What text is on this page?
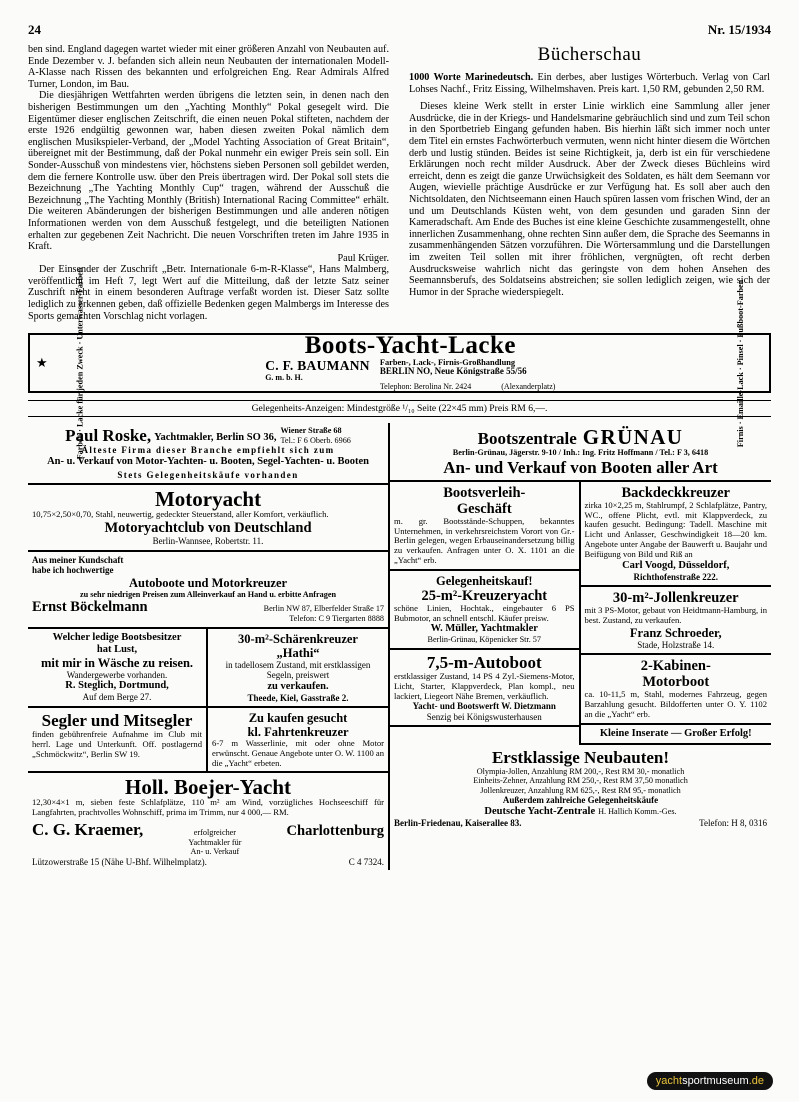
24	Nr. 15/1934

ben sind. England dagegen wartet wieder mit einer größeren Anzahl von Neubauten auf. Ende Dezember v. J. befanden sich allein neun Neubauten der internationalen Modell-A-Klasse nach Rissen des bekannten und erfolgreichen Eng. Rear Admirals Alfred Turner, London, im Bau.

Die diesjährigen Wettfahrten werden übrigens die letzten sein, in denen nach den bisherigen Bestimmungen um den „Yachting Monthly“ Pokal gesegelt wird. Die Eigentümer dieser englischen Zeitschrift, die einen neuen Pokal stifteten, nachdem der erste 1926 endgültig gewonnen war, haben diesen zweiten Pokal nämlich dem englischen Musikspieler-Verband, der „Model Yachting Association of Great Britain“, übereignet mit der Bestimmung, daß der Pokal nunmehr ein ewiger Preis sein soll. Ein Sonder-Ausschuß von mindestens vier, höchstens sieben Personen soll gebildet werden, dem die fernere Kontrolle usw. über den Preis übertragen wird. Der Pokal soll stets die Bezeichnung „The Yachting Monthly Cup“ tragen, während der Ausschuß die Bezeichnung „The Yachting Monthly (British) International Racing Committee“ erhält. Die weiteren Abänderungen der bisherigen Bestimmungen und alle anderen nötigen Informationen werden von dem Ausschuß festgelegt, und die beteiligten Nationen erhalten zur gegebenen Zeit Nachricht. Die neuen Vorschriften treten im Jahre 1935 in Kraft.

Paul Krüger.

Der Einsender der Zuschrift „Betr. Internationale 6-m-R-Klasse“, Hans Malmberg, veröffentlicht im Heft 7, legt Wert auf die Mitteilung, daß der letzte Satz seiner Zuschrift nicht in einem besonderen Auftrage verfaßt worden ist. Dieser Satz sollte lediglich zu erkennen geben, daß offizielle Bedenken gegen Malmbergs im Interesse des Sports gemachten Vorschlag nicht vorlagen.

Bücherschau

1000 Worte Marinedeutsch. Ein derbes, aber lustiges Wörterbuch. Verlag von Carl Lohses Nachf., Fritz Eissing, Wilhelmshaven. Preis kart. 1,50 RM, gebunden 2,50 RM.

Dieses kleine Werk stellt in erster Linie wirklich eine Sammlung aller jener Ausdrücke, die in der Kriegs- und Handelsmarine gebräuchlich sind und zum Teil schon in den Sportbetrieb Eingang gefunden haben. Bis hierhin läßt sich immer noch unter dem Titel ein ernstes Fachwörterbuch vermuten, wenn nicht hinter diesem die Wörtchen derb und lustig stünden. Beides ist seine Richtigkeit, ja, derb ist ein für verschiedene Erklärungen noch recht milder Ausdruck. Aber der Zweck dieses Büchleins wird erreicht, denn es zeigt die ganze Urwüchsigkeit des Soldaten, es hält dem Seemann vor Augen, wievielle prächtige Ausdrücke er zur Verfügung hat. Es soll aber auch den Nichtsoldaten, den Nichtseemann einen Hauch spüren lassen vom frischen Wind, der an und um Deutschlands Küsten weht, von dem gesunden und garaden Sinn der Kameradschaft. Am Ende des Buches ist eine kleine Geschichte zusammengestellt, ohne innerlichen Zusammenhang, ohne rechten Sinn außer dem, die Sprache des Seemanns in zusammenhängenden Sätzen vorzuführen. Die Wörtersammlung und die Darstellungen im zweiten Teil sollen mit ihrer fröhlichen, vergnügten, oft recht derben Ausdrucksweise wahrlich nicht das geringste von dem hohen Ansehen des Seemannsberufs, des Soldatseins abstreichen; sie sollen lediglich zeigen, wie sich der Humor in der Sprache wiederspiegelt.

★	Farben · Lacke für jeden Zweck · Unterwasser-Farben	Boots-Yacht-Lacke
C. F. BAUMANN
G. m. b. H.
Farben-, Lack-, Firnis-Großhandlung
BERLIN NO, Neue Königstraße 55/56
Telephon: Berolina Nr. 2424	(Alexanderplatz)	Firnis · Emaille-Lack · Pinsel · Fußboot-Farben
Gelegenheits-Anzeigen: Mindestgröße ¹/₁₀ Seite (22×45 mm) Preis RM 6,—.
Paul Roske, Yachtmakler, Berlin SO 36,
Wiener Straße 68
Tel.: F 6 Oberb. 6966
Älteste Firma dieser Branche empfiehlt sich zum
An- u. Verkauf von Motor-Yachten- u. Booten, Segel-Yachten- u. Booten
Stets Gelegenheitskäufe vorhanden
Motoryacht
10,75×2,50×0,70, Stahl, neuwertig, gedeckter Steuerstand, aller Komfort, verkäuflich.
Motoryachtclub von Deutschland
Berlin-Wannsee, Robertstr. 11.
Aus meiner Kundschaft
habe ich hochwertige
Autoboote und Motorkreuzer
zu sehr niedrigen Preisen zum Alleinverkauf an Hand u. erbitte Anfragen
Ernst Böckelmann	Berlin NW 87, Elberfelder Straße 17
Telefon: C 9 Tiergarten 8888
Welcher ledige Bootsbesitzer
hat Lust,
mit mir in Wäsche zu reisen.
Wandergewerbe vorhanden.
R. Steglich, Dortmund,
Auf dem Berge 27.
30-m²-Schärenkreuzer
„Hathi“
in tadellosem Zustand, mit erstklassigen Segeln, preiswert
zu verkaufen.
Theede, Kiel, Gasstraße 2.
Segler und Mitsegler
finden gebührenfreie Aufnahme im Club mit herrl. Lage und Unterkunft. Off. postlagernd „Schmöckwitz“, Berlin SW 19.
Zu kaufen gesucht
kl. Fahrtenkreuzer
6-7 m Wasserlinie, mit oder ohne Motor erwünscht. Genaue Angebote unter O. W. 1100 an die „Yacht“ erbeten.
Holl. Boejer-Yacht
12,30×4×1 m, sieben feste Schlafplätze, 110 m² am Wind, vorzügliches Hochseeschiff für Langfahrten, prachtvolles Wohnschiff, prima im Trimm, nur 4 000,— RM.
C. G. Kraemer,	erfolgreicher
Yachtmakler für
An- u. Verkauf
Charlottenburg
Lützowerstraße 15 (Nähe U-Bhf. Wilhelmplatz).	C 4 7324.
Bootszentrale GRÜNAU
Berlin-Grünau, Jägerstr. 9-10 / Inh.: Ing. Fritz Hoffmann / Tel.: F 3, 6418
An- und Verkauf von Booten aller Art
Bootsverleih-
Geschäft
m. gr. Bootsstände-Schuppen, bekanntes Unternehmen, in verkehrsreichstem Vorort von Gr.-Berlin gelegen, wegen Erbauseinandersetzung billig zu verkaufen. Anfragen unter O. X. 1101 an die „Yacht“ erb.
Gelegenheitskauf!
25-m²-Kreuzeryacht
schöne Linien, Hochtak., eingebauter 6 PS Bubmotor, an schnell entschl. Käufer preisw.
W. Müller, Yachtmakler
Berlin-Grünau, Köpenicker Str. 57
7,5-m-Autoboot
erstklassiger Zustand, 14 PS 4 Zyl.-Siemens-Motor, Licht, Starter, Klappverdeck, Plan kompl., neu lackiert, Liegeort Nähe Bremen, verkäuflich.
Yacht- und Bootswerft W. Dietzmann
Senzig bei Königswusterhausen
Backdeckkreuzer
zirka 10×2,25 m, Stahlrumpf, 2 Schlafplätze, Pantry, WC., offene Plicht, evtl. mit Klappverdeck, zu kaufen gesucht. Bedingung: Tadell. Maschine mit Licht und Anlasser, Geschwindigkeit 18—20 km. Angebote unter Angabe der Bauwerft u. Baujahr und Beifügung von Bild und Riß an
Carl Voogd, Düsseldorf,
Richthofenstraße 222.
30-m²-Jollenkreuzer
mit 3 PS-Motor, gebaut von Heidtmann-Hamburg, in best. Zustand, zu verkaufen.
Franz Schroeder,
Stade, Holzstraße 14.
2-Kabinen-
Motorboot
ca. 10-11,5 m, Stahl, modernes Fahrzeug, gegen Barzahlung gesucht. Bildofferten unter O. Y. 1102 an die „Yacht“ erb.
Kleine Inserate — Großer Erfolg!
Erstklassige Neubauten!
Olympia-Jollen, Anzahlung RM 200,-, Rest RM 30,- monatlich
Einheits-Zehner, Anzahlung RM 250,-, Rest RM 37,50 monatlich
Jollenkreuzer, Anzahlung RM 625,-, Rest RM 95,- monatlich
Außerdem zahlreiche Gelegenheitskäufe
Deutsche Yacht-Zentrale H. Hallich Komm.-Ges.
Berlin-Friedenau, Kaiserallee 83.	Telefon: H 8, 0316
yachtsportmuseum.de
